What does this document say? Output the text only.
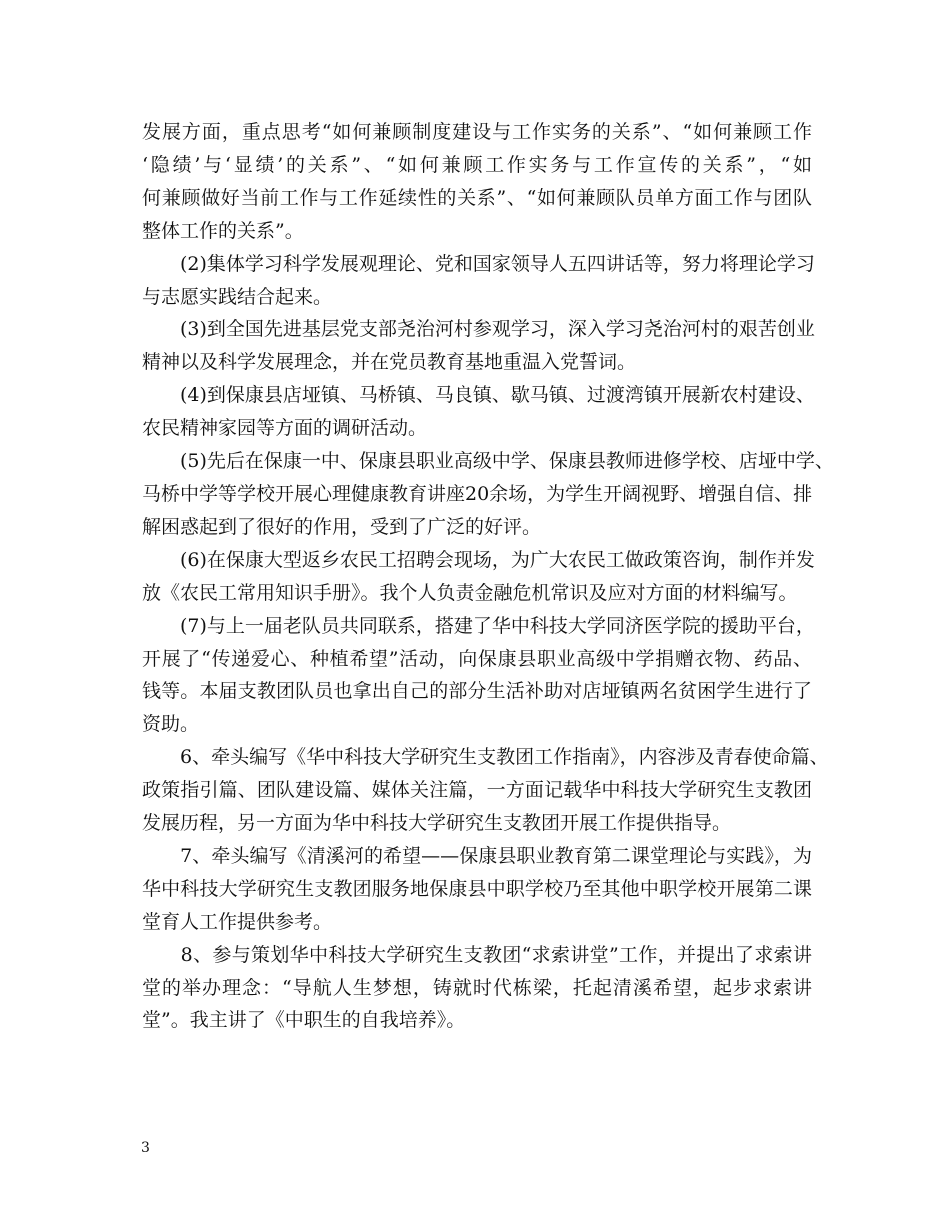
发展方面，重点思考“如何兼顾制度建设与工作实务的关系”、“如何兼顾工作
‘隐绩’与‘显绩’的关系”、“如何兼顾工作实务与工作宣传的关系”，“如
何兼顾做好当前工作与工作延续性的关系”、“如何兼顾队员单方面工作与团队
整体工作的关系”。
　　(2)集体学习科学发展观理论、党和国家领导人五四讲话等，努力将理论学习
与志愿实践结合起来。
　　(3)到全国先进基层党支部尧治河村参观学习，深入学习尧治河村的艰苦创业
精神以及科学发展理念，并在党员教育基地重温入党誓词。
　　(4)到保康县店垭镇、马桥镇、马良镇、歇马镇、过渡湾镇开展新农村建设、
农民精神家园等方面的调研活动。
　　(5)先后在保康一中、保康县职业高级中学、保康县教师进修学校、店垭中学、
马桥中学等学校开展心理健康教育讲座20余场，为学生开阔视野、增强自信、排
解困惑起到了很好的作用，受到了广泛的好评。
　　(6)在保康大型返乡农民工招聘会现场，为广大农民工做政策咨询，制作并发
放《农民工常用知识手册》。我个人负责金融危机常识及应对方面的材料编写。
　　(7)与上一届老队员共同联系，搭建了华中科技大学同济医学院的援助平台，
开展了“传递爱心、种植希望”活动，向保康县职业高级中学捐赠衣物、药品、
钱等。本届支教团队员也拿出自己的部分生活补助对店垭镇两名贫困学生进行了
资助。
　　6、牵头编写《华中科技大学研究生支教团工作指南》，内容涉及青春使命篇、
政策指引篇、团队建设篇、媒体关注篇，一方面记载华中科技大学研究生支教团
发展历程，另一方面为华中科技大学研究生支教团开展工作提供指导。
　　7、牵头编写《清溪河的希望——保康县职业教育第二课堂理论与实践》，为
华中科技大学研究生支教团服务地保康县中职学校乃至其他中职学校开展第二课
堂育人工作提供参考。
　　8、参与策划华中科技大学研究生支教团“求索讲堂”工作，并提出了求索讲
堂的举办理念：“导航人生梦想，铸就时代栋梁，托起清溪希望，起步求索讲
堂”。我主讲了《中职生的自我培养》。
3
